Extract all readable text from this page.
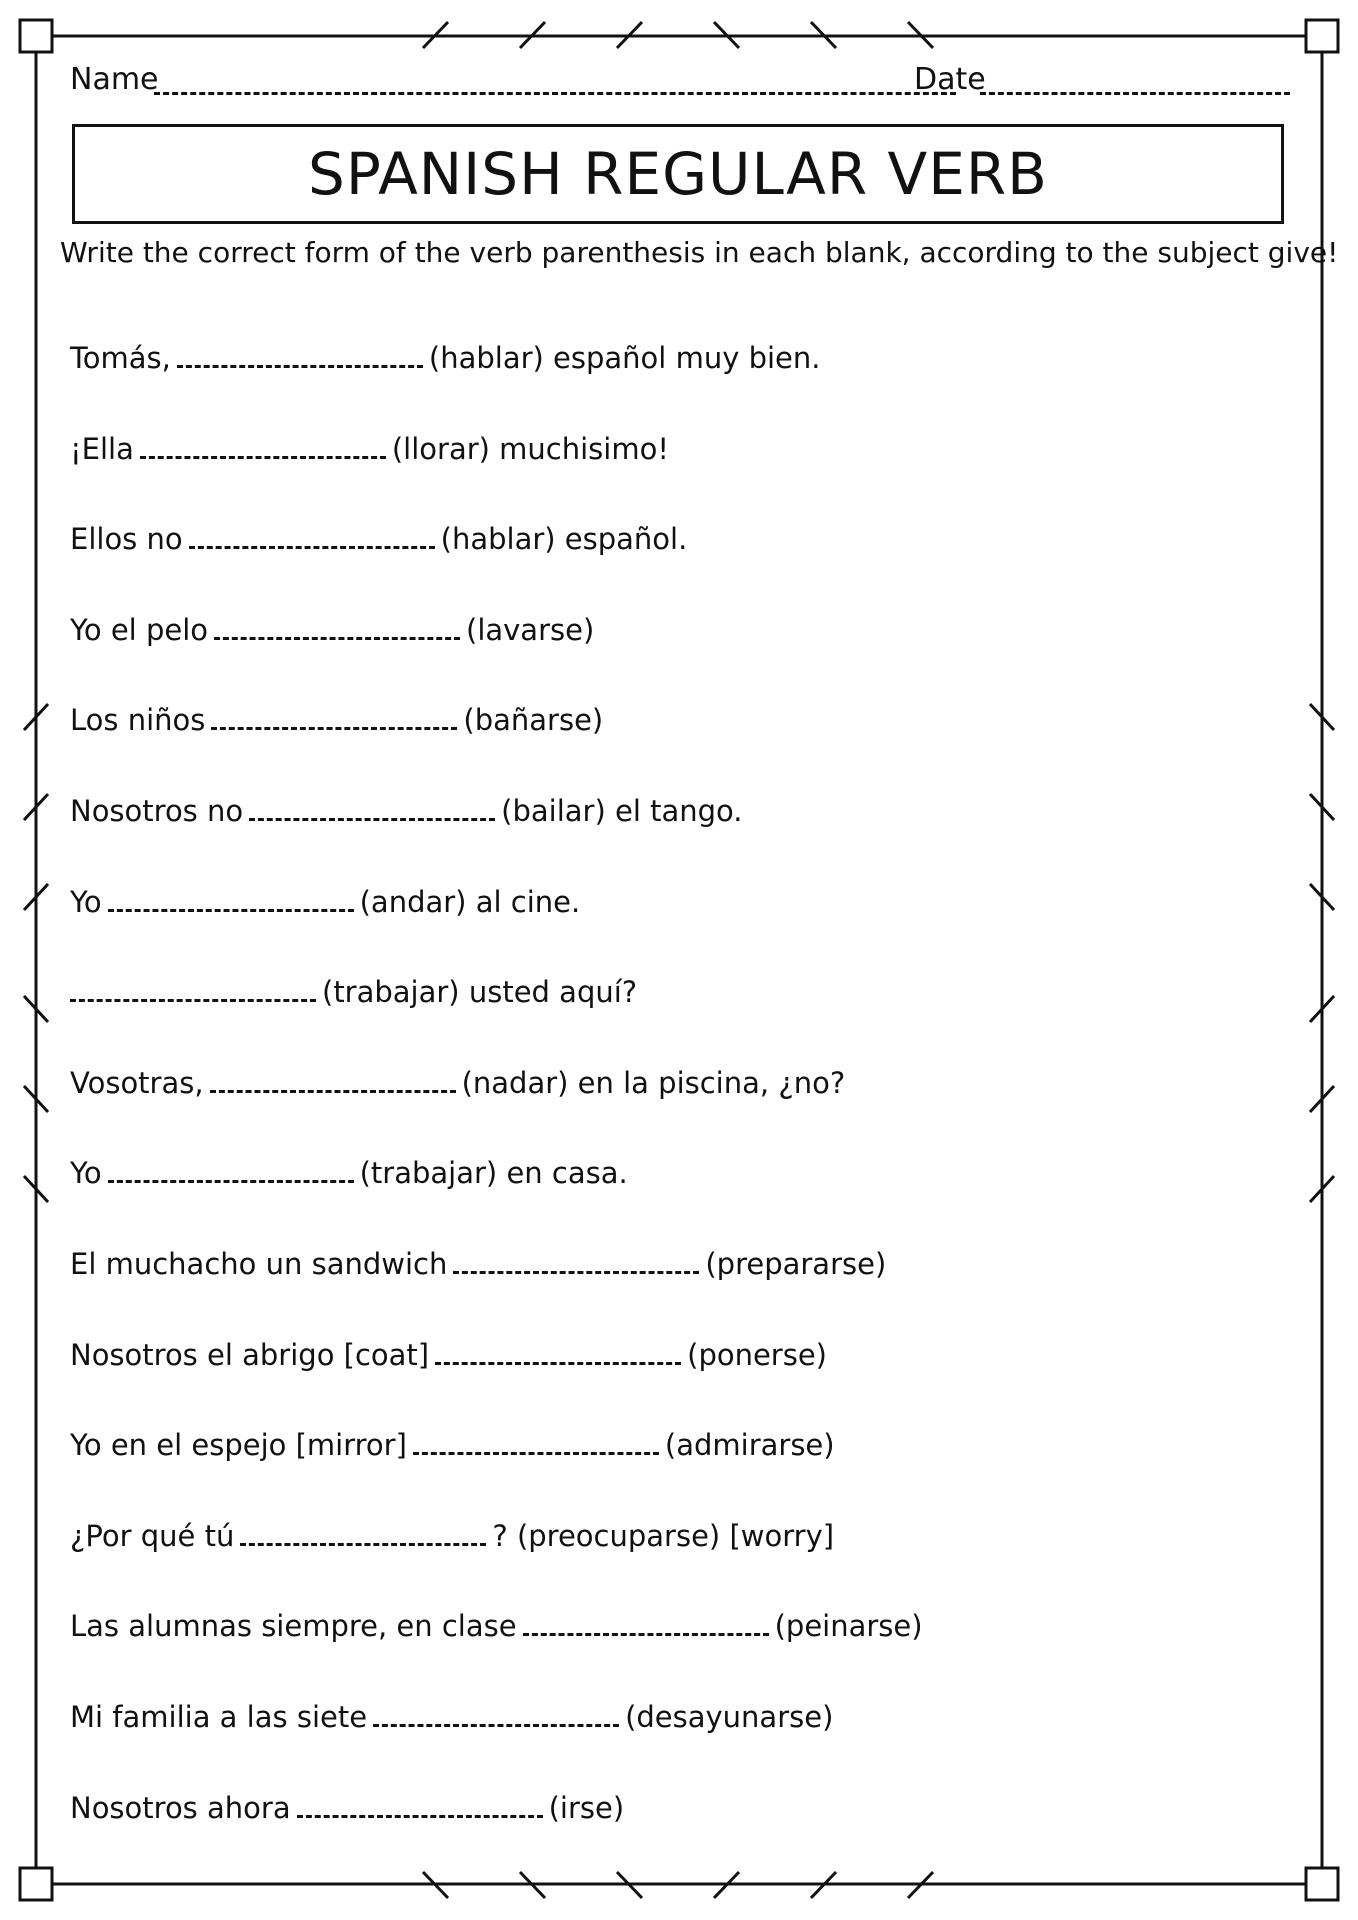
Name	Date
SPANISH REGULAR VERB
Write the correct form of the verb parenthesis in each blank, according to the subject give!
Tomás,	(hablar) español muy bien.
¡Ella	(llorar) muchisimo!
Ellos no	(hablar) español.
Yo el pelo	(lavarse)
Los niños	(bañarse)
Nosotros no	(bailar) el tango.
Yo	(andar) al cine.
(trabajar) usted aquí?
Vosotras,	(nadar) en la piscina, ¿no?
Yo	(trabajar) en casa.
El muchacho un sandwich	(prepararse)
Nosotros el abrigo [coat]	(ponerse)
Yo en el espejo [mirror]	(admirarse)
¿Por qué tú	? (preocuparse) [worry]
Las alumnas siempre, en clase	(peinarse)
Mi familia a las siete	(desayunarse)
Nosotros ahora	(irse)
